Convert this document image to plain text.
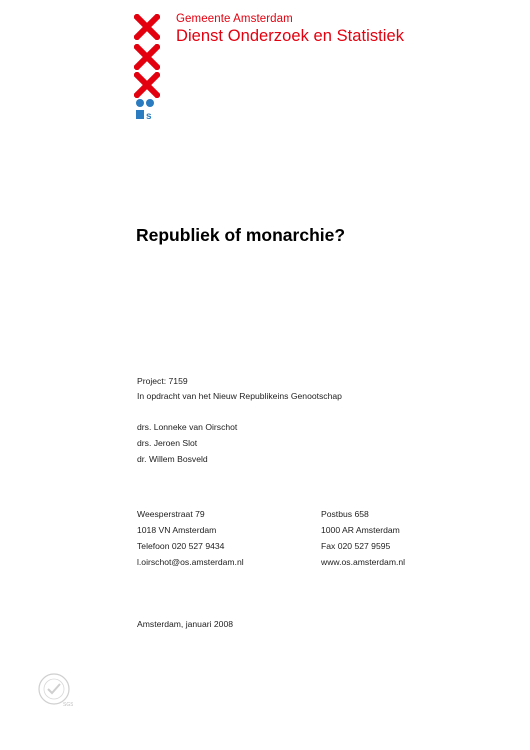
s
Gemeente Amsterdam
Dienst Onderzoek en Statistiek
Republiek of monarchie?
Project: 7159
In opdracht van het Nieuw Republikeins Genootschap
drs. Lonneke van Oirschot
drs. Jeroen Slot
dr. Willem Bosveld
Weesperstraat 79
1018 VN Amsterdam
Telefoon 020 527 9434
l.oirschot@os.amsterdam.nl
Postbus 658
1000 AR Amsterdam
Fax 020 527 9595
www.os.amsterdam.nl
Amsterdam, januari 2008
SGS
